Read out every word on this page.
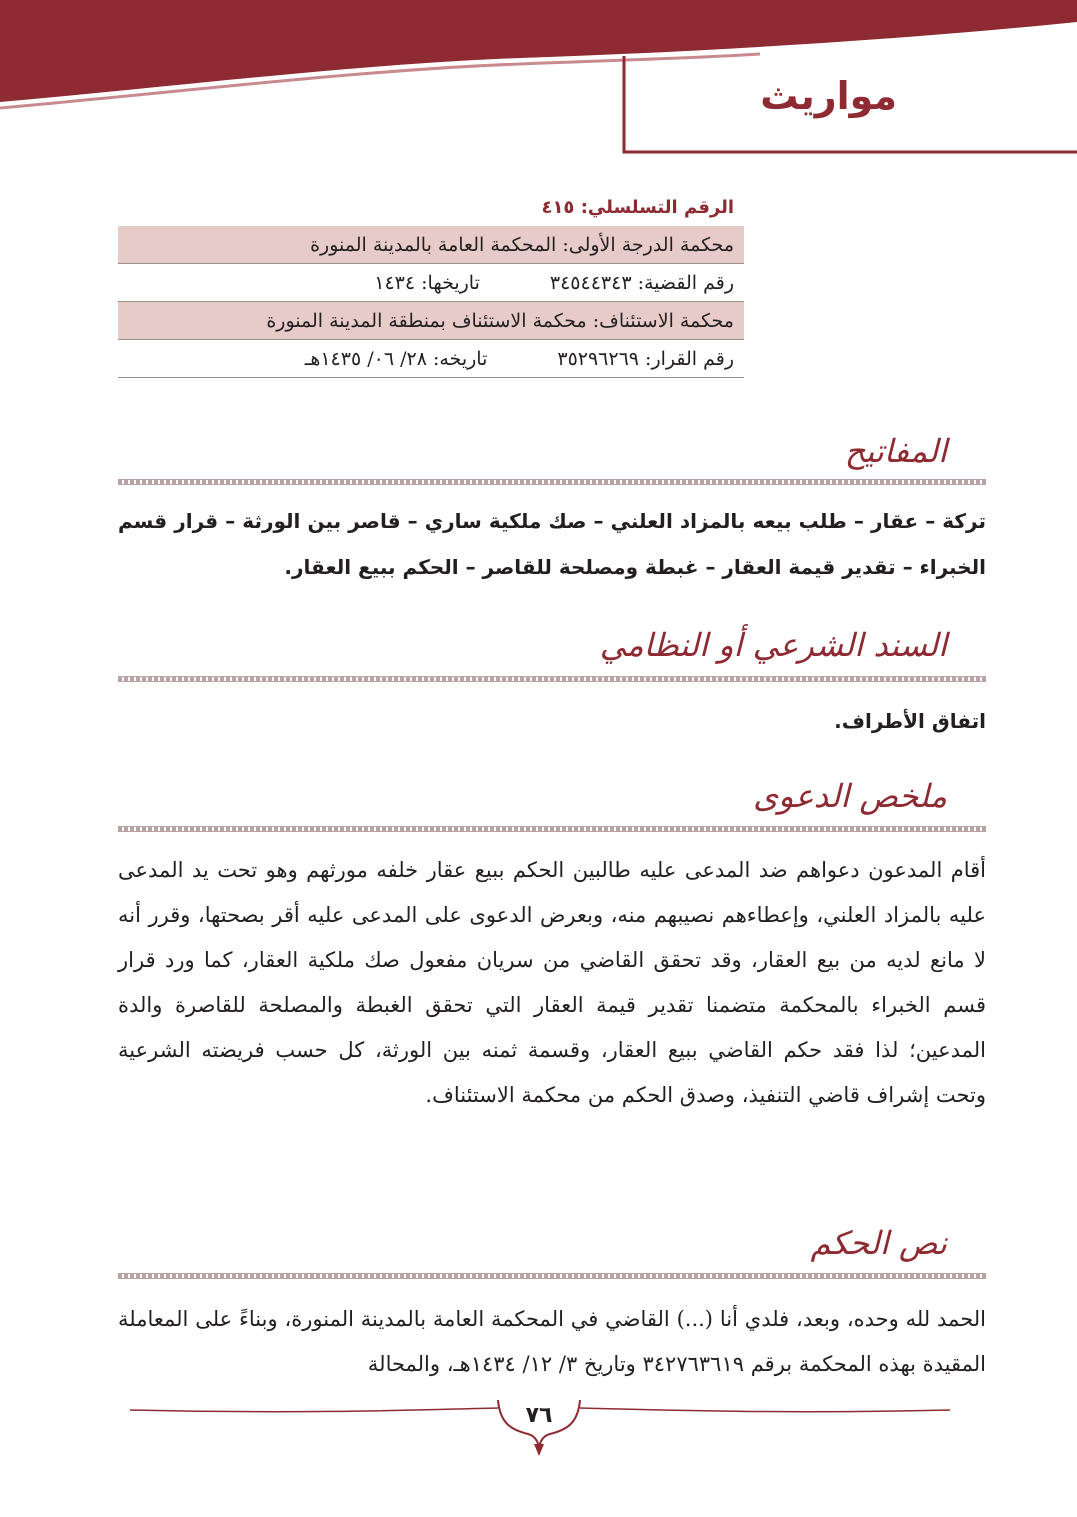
مواريث
الرقم التسلسلي: ٤١٥
محكمة الدرجة الأولى: المحكمة العامة بالمدينة المنورة
رقم القضية: ٣٤٥٤٤٣٤٣
تاريخها: ١٤٣٤
محكمة الاستئناف: محكمة الاستئناف بمنطقة المدينة المنورة
رقم القرار: ٣٥٢٩٦٢٦٩
تاريخه: ٢٨/ ٠٦/ ١٤٣٥هـ
المفاتيح
تركة – عقار – طلب بيعه بالمزاد العلني – صك ملكية ساري – قاصر بين الورثة – قرار قسم الخبراء – تقدير قيمة العقار – غبطة ومصلحة للقاصر – الحكم ببيع العقار.
السند الشرعي أو النظامي
اتفاق الأطراف.
ملخص الدعوى
أقام المدعون دعواهم ضد المدعى عليه طالبين الحكم ببيع عقار خلفه مورثهم وهو تحت يد المدعى عليه بالمزاد العلني، وإعطاءهم نصيبهم منه، وبعرض الدعوى على المدعى عليه أقر بصحتها، وقرر أنه لا مانع لديه من بيع العقار، وقد تحقق القاضي من سريان مفعول صك ملكية العقار، كما ورد قرار قسم الخبراء بالمحكمة متضمنا تقدير قيمة العقار التي تحقق الغبطة والمصلحة للقاصرة والدة المدعين؛ لذا فقد حكم القاضي ببيع العقار، وقسمة ثمنه بين الورثة، كل حسب فريضته الشرعية وتحت إشراف قاضي التنفيذ، وصدق الحكم من محكمة الاستئناف.
نص الحكم
الحمد لله وحده، وبعد، فلدي أنا (...) القاضي في المحكمة العامة بالمدينة المنورة، وبناءً على المعاملة المقيدة بهذه المحكمة برقم ٣٤٢٧٦٣٦١٩ وتاريخ ٣/ ١٢/ ١٤٣٤هـ، والمحالة
٧٦
